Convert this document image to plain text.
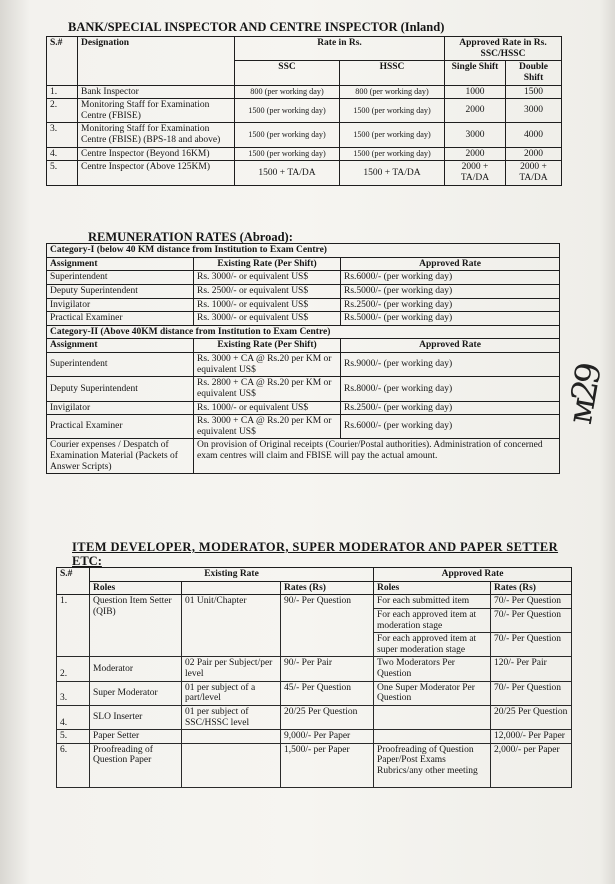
BANK/SPECIAL INSPECTOR AND CENTRE INSPECTOR (Inland)
S.#	Designation	Rate in Rs.		Approved Rate in Rs. SSC/HSSC	
		SSC	HSSC	Single Shift	Double Shift
1.	Bank Inspector	800 (per working day)	800 (per working day)	1000	1500
2.	Monitoring Staff for Examination Centre (FBISE)	1500 (per working day)	1500 (per working day)	2000	3000
3.	Monitoring Staff for Examination Centre (FBISE) (BPS-18 and above)	1500 (per working day)	1500 (per working day)	3000	4000
4.	Centre Inspector (Beyond 16KM)	1500 (per working day)	1500 (per working day)	2000	2000
5.	Centre Inspector (Above 125KM)	1500 + TA/DA	1500 + TA/DA	2000 + TA/DA	2000 + TA/DA
REMUNERATION RATES (Abroad):
Category-I (below 40 KM distance from Institution to Exam Centre)		
Assignment	Existing Rate (Per Shift)	Approved Rate
Superintendent	Rs. 3000/- or equivalent US$	Rs.6000/- (per working day)
Deputy Superintendent	Rs. 2500/- or equivalent US$	Rs.5000/- (per working day)
Invigilator	Rs. 1000/- or equivalent US$	Rs.2500/- (per working day)
Practical Examiner	Rs. 3000/- or equivalent US$	Rs.5000/- (per working day)
Category-II (Above 40KM distance from Institution to Exam Centre)		
Assignment	Existing Rate (Per Shift)	Approved Rate
Superintendent	Rs. 3000 + CA @ Rs.20 per KM or equivalent US$	Rs.9000/- (per working day)
Deputy Superintendent	Rs. 2800 + CA @ Rs.20 per KM or equivalent US$	Rs.8000/- (per working day)
Invigilator	Rs. 1000/- or equivalent US$	Rs.2500/- (per working day)
Practical Examiner	Rs. 3000 + CA @ Rs.20 per KM or equivalent US$	Rs.6000/- (per working day)
Courier expenses / Despatch of Examination Material (Packets of Answer Scripts)	On provision of Original receipts (Courier/Postal authorities). Administration of concerned exam centres will claim and FBISE will pay the actual amount.	
ᴍ29
ITEM DEVELOPER, MODERATOR, SUPER MODERATOR AND PAPER SETTER
ETC:
S.#	Existing Rate			Approved Rate	
	Roles		Rates (Rs)	Roles	Rates (Rs)
1.	Question Item Setter (QIB)	01 Unit/Chapter	90/- Per Question	For each submitted item	70/- Per Question
				For each approved item at moderation stage	70/- Per Question
				For each approved item at super moderation stage	70/- Per Question
2.	Moderator	02 Pair per Subject/per level	90/- Per Pair	Two Moderators Per Question	120/- Per Pair
3.	Super Moderator	01 per subject of a part/level	45/- Per Question	One Super Moderator Per Question	70/- Per Question
4.	SLO Inserter	01 per subject of SSC/HSSC level	20/25 Per Question		20/25 Per Question
5.	Paper Setter		9,000/- Per Paper		12,000/- Per Paper
6.	Proofreading of Question Paper		1,500/- per Paper	Proofreading of Question Paper/Post Exams Rubrics/any other meeting	2,000/- per Paper
